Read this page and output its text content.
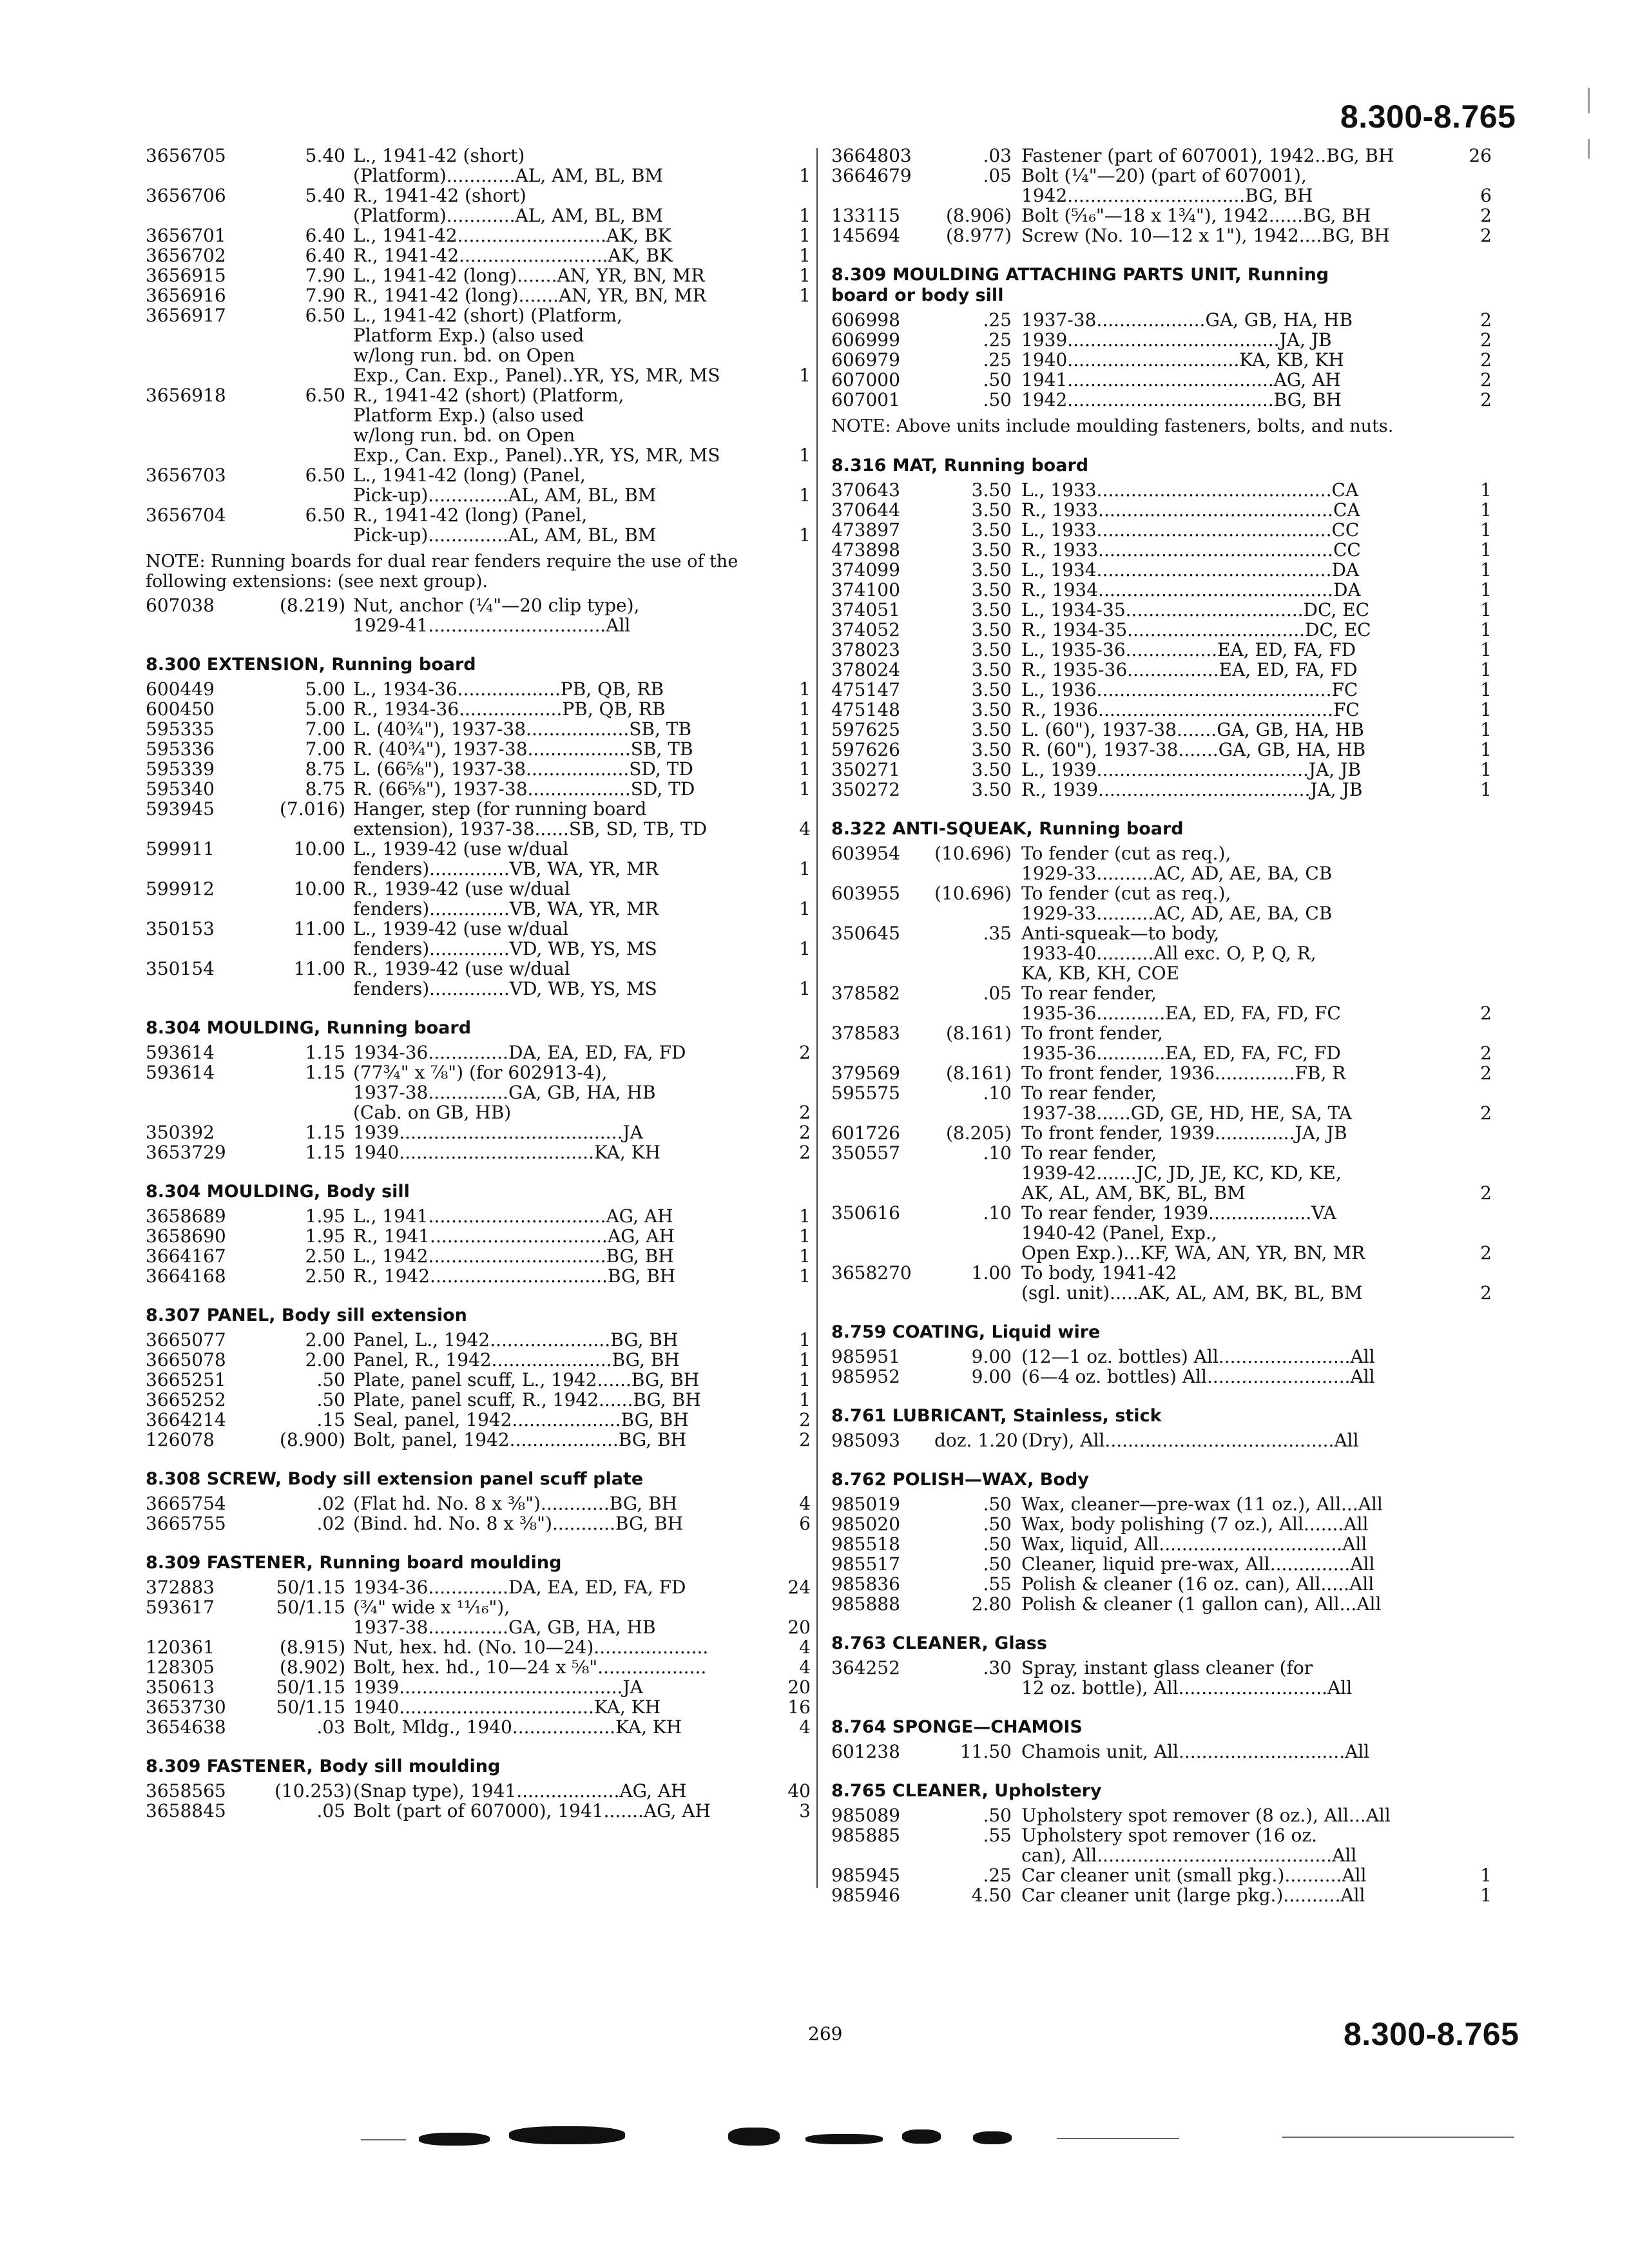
8.300-8.765
3656705	5.40 L., 1941-42 (short)
(Platform)............AL, AM, BL, BM	1
3656706	5.40 R., 1941-42 (short)
(Platform)............AL, AM, BL, BM	1
3656701	6.40 L., 1941-42..........................AK, BK	1
3656702	6.40 R., 1941-42..........................AK, BK	1
3656915	7.90 L., 1941-42 (long).......AN, YR, BN, MR	1
3656916	7.90 R., 1941-42 (long).......AN, YR, BN, MR	1
3656917	6.50 L., 1941-42 (short) (Platform,
Platform Exp.) (also used
w/long run. bd. on Open
Exp., Can. Exp., Panel)..YR, YS, MR, MS	1
3656918	6.50 R., 1941-42 (short) (Platform,
Platform Exp.) (also used
w/long run. bd. on Open
Exp., Can. Exp., Panel)..YR, YS, MR, MS	1
3656703	6.50 L., 1941-42 (long) (Panel,
Pick-up)..............AL, AM, BL, BM	1
3656704	6.50 R., 1941-42 (long) (Panel,
Pick-up)..............AL, AM, BL, BM	1
NOTE: Running boards for dual rear fenders require the use of the
following extensions: (see next group).
607038	(8.219) Nut, anchor (¼"—20 clip type),
1929-41...............................All
8.300 EXTENSION, Running board
600449	5.00 L., 1934-36..................PB, QB, RB	1
600450	5.00 R., 1934-36..................PB, QB, RB	1
595335	7.00 L. (40¾"), 1937-38..................SB, TB	1
595336	7.00 R. (40¾"), 1937-38..................SB, TB	1
595339	8.75 L. (66⅝"), 1937-38..................SD, TD	1
595340	8.75 R. (66⅝"), 1937-38..................SD, TD	1
593945	(7.016) Hanger, step (for running board
extension), 1937-38......SB, SD, TB, TD	4
599911	10.00 L., 1939-42 (use w/dual
fenders)..............VB, WA, YR, MR	1
599912	10.00 R., 1939-42 (use w/dual
fenders)..............VB, WA, YR, MR	1
350153	11.00 L., 1939-42 (use w/dual
fenders)..............VD, WB, YS, MS	1
350154	11.00 R., 1939-42 (use w/dual
fenders)..............VD, WB, YS, MS	1
8.304 MOULDING, Running board
593614	1.15 1934-36..............DA, EA, ED, FA, FD	2
593614	1.15 (77¾" x ⅞") (for 602913-4),
1937-38..............GA, GB, HA, HB
(Cab. on GB, HB)	2
350392	1.15 1939.......................................JA	2
3653729	1.15 1940..................................KA, KH	2
8.304 MOULDING, Body sill
3658689	1.95 L., 1941...............................AG, AH	1
3658690	1.95 R., 1941...............................AG, AH	1
3664167	2.50 L., 1942...............................BG, BH	1
3664168	2.50 R., 1942...............................BG, BH	1
8.307 PANEL, Body sill extension
3665077	2.00 Panel, L., 1942.....................BG, BH	1
3665078	2.00 Panel, R., 1942.....................BG, BH	1
3665251	.50 Plate, panel scuff, L., 1942......BG, BH	1
3665252	.50 Plate, panel scuff, R., 1942......BG, BH	1
3664214	.15 Seal, panel, 1942...................BG, BH	2
126078	(8.900) Bolt, panel, 1942...................BG, BH	2
8.308 SCREW, Body sill extension panel scuff plate
3665754	.02 (Flat hd. No. 8 x ⅜")............BG, BH	4
3665755	.02 (Bind. hd. No. 8 x ⅜")...........BG, BH	6
8.309 FASTENER, Running board moulding
372883	50/1.15 1934-36..............DA, EA, ED, FA, FD	24
593617	50/1.15 (¾" wide x ¹¹⁄₁₆"),
1937-38..............GA, GB, HA, HB	20
120361	(8.915) Nut, hex. hd. (No. 10—24)....................	4
128305	(8.902) Bolt, hex. hd., 10—24 x ⅝"...................	4
350613	50/1.15 1939.......................................JA	20
3653730	50/1.15 1940..................................KA, KH	16
3654638	.03 Bolt, Mldg., 1940..................KA, KH	4
8.309 FASTENER, Body sill moulding
3658565	(10.253) (Snap type), 1941..................AG, AH	40
3658845	.05 Bolt (part of 607000), 1941.......AG, AH	3
3664803	.03 Fastener (part of 607001), 1942..BG, BH	26
3664679	.05 Bolt (¼"—20) (part of 607001),
1942...............................BG, BH	6
133115	(8.906) Bolt (⁵⁄₁₆"—18 x 1¾"), 1942......BG, BH	2
145694	(8.977) Screw (No. 10—12 x 1"), 1942....BG, BH	2
8.309 MOULDING ATTACHING PARTS UNIT, Running
board or body sill
606998	.25 1937-38...................GA, GB, HA, HB	2
606999	.25 1939.....................................JA, JB	2
606979	.25 1940..............................KA, KB, KH	2
607000	.50 1941....................................AG, AH	2
607001	.50 1942....................................BG, BH	2
NOTE: Above units include moulding fasteners, bolts, and nuts.
8.316 MAT, Running board
370643	3.50 L., 1933.........................................CA	1
370644	3.50 R., 1933.........................................CA	1
473897	3.50 L., 1933.........................................CC	1
473898	3.50 R., 1933.........................................CC	1
374099	3.50 L., 1934.........................................DA	1
374100	3.50 R., 1934.........................................DA	1
374051	3.50 L., 1934-35...............................DC, EC	1
374052	3.50 R., 1934-35...............................DC, EC	1
378023	3.50 L., 1935-36................EA, ED, FA, FD	1
378024	3.50 R., 1935-36................EA, ED, FA, FD	1
475147	3.50 L., 1936.........................................FC	1
475148	3.50 R., 1936.........................................FC	1
597625	3.50 L. (60"), 1937-38.......GA, GB, HA, HB	1
597626	3.50 R. (60"), 1937-38.......GA, GB, HA, HB	1
350271	3.50 L., 1939.....................................JA, JB	1
350272	3.50 R., 1939.....................................JA, JB	1
8.322 ANTI-SQUEAK, Running board
603954	(10.696) To fender (cut as req.),
1929-33..........AC, AD, AE, BA, CB
603955	(10.696) To fender (cut as req.),
1929-33..........AC, AD, AE, BA, CB
350645	.35 Anti-squeak—to body,
1933-40..........All exc. O, P, Q, R,
KA, KB, KH, COE
378582	.05 To rear fender,
1935-36............EA, ED, FA, FD, FC	2
378583	(8.161) To front fender,
1935-36............EA, ED, FA, FC, FD	2
379569	(8.161) To front fender, 1936..............FB, R	2
595575	.10 To rear fender,
1937-38......GD, GE, HD, HE, SA, TA	2
601726	(8.205) To front fender, 1939..............JA, JB
350557	.10 To rear fender,
1939-42.......JC, JD, JE, KC, KD, KE,
AK, AL, AM, BK, BL, BM	2
350616	.10 To rear fender, 1939..................VA
1940-42 (Panel, Exp.,
Open Exp.)...KF, WA, AN, YR, BN, MR	2
3658270	1.00 To body, 1941-42
(sgl. unit).....AK, AL, AM, BK, BL, BM	2
8.759 COATING, Liquid wire
985951	9.00 (12—1 oz. bottles) All.......................All
985952	9.00 (6—4 oz. bottles) All.........................All
8.761 LUBRICANT, Stainless, stick
985093	doz. 1.20 (Dry), All........................................All
8.762 POLISH—WAX, Body
985019	.50 Wax, cleaner—pre-wax (11 oz.), All...All
985020	.50 Wax, body polishing (7 oz.), All.......All
985518	.50 Wax, liquid, All................................All
985517	.50 Cleaner, liquid pre-wax, All..............All
985836	.55 Polish & cleaner (16 oz. can), All.....All
985888	2.80 Polish & cleaner (1 gallon can), All...All
8.763 CLEANER, Glass
364252	.30 Spray, instant glass cleaner (for
12 oz. bottle), All..........................All
8.764 SPONGE—CHAMOIS
601238	11.50 Chamois unit, All.............................All
8.765 CLEANER, Upholstery
985089	.50 Upholstery spot remover (8 oz.), All...All
985885	.55 Upholstery spot remover (16 oz.
can), All.........................................All
985945	.25 Car cleaner unit (small pkg.)..........All	1
985946	4.50 Car cleaner unit (large pkg.)..........All	1
269	8.300-8.765
